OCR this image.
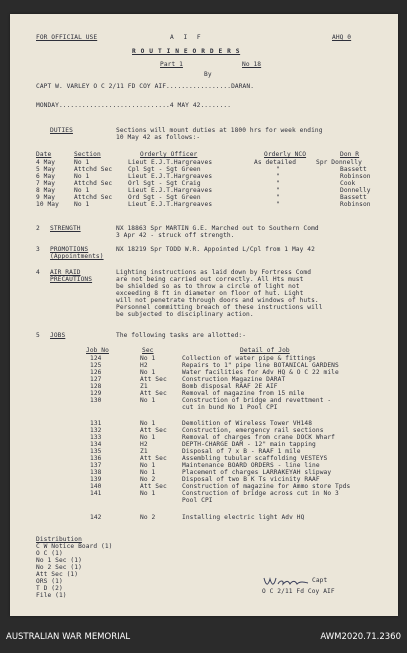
FOR OFFICIAL USE	A I F	AHQ 0
R O U T I N E O R D E R S
Part 1	No 18
By
CAPT W. VARLEY O C 2/11 FD COY AIF.................DARAN.
MONDAY.............................4 MAY 42........
DUTIES	Sections will mount duties at 1800 hrs for week ending
10 May 42 as follows:-
Date	Section	Orderly Officer	Orderly NCO	Don R
4 May	No 1	Lieut E.J.T.Hargreaves	As detailed	Spr Donnelly
5 May	Attchd Sec	Cpl Sgt - Sgt Green	"	Bassett
6 May	No 1	Lieut E.J.T.Hargreaves	"	Robinson
7 May	Attchd Sec	Orl Sgt - Sgt Craig	"	Cook
8 May	No 1	Lieut E.J.T.Hargreaves	"	Donnelly
9 May	Attchd Sec	Ord Sgt - Sgt Green	"	Bassett
10 May No 1	Lieut E.J.T.Hargreaves	"	Robinson
2 STRENGTH	NX 18863 Spr MARTIN G.E. Marched out to Southern Comd
3 Apr 42 - struck off strength.
3 PROMOTIONS
(Appointments)
NX 18219 Spr TODD W.R. Appointed L/Cpl from 1 May 42
4 AIR RAID
PRECAUTIONS
Lighting instructions as laid down by Fortress Comd
are not being carried out correctly. All Hts must
be shielded so as to throw a circle of light not
exceeding 8 ft in diameter on floor of hut. Light
will not penetrate through doors and windows of huts.
Personnel committing breach of these instructions will
be subjected to disciplinary action.
5 JOBS	The following tasks are allotted:-
Job No	Sec	Detail of Job
124	No 1	Collection of water pipe & fittings
125	H2	Repairs to 1" pipe line BOTANICAL GARDENS
126	No 1	Water facilities for Adv HQ & O C 22 mile
127	Att Sec Construction Magazine DARAT
128	Z1	Bomb disposal RAAF 2E AIF
129	Att Sec Removal of magazine from 15 mile
130	No 1	Construction of bridge and revettment -
cut in bund No 1 Pool CPI
131	No 1	Demolition of Wireless Tower VH148
132	Att Sec Construction, emergency rail sections
133	No 1	Removal of charges from crane DOCK Wharf
134	H2	DEPTH-CHARGE DAM - 12" main tapping
135	Z1	Disposal of 7 x B - RAAF 1 mile
136	Att Sec Assembling tubular scaffolding VESTEYS
137	No 1	Maintenance BOARD ORDERS - line line
138	No 1	Placement of charges LARRAKEYAH slipway
139	No 2	Disposal of two B K Ts vicinity RAAF
140	Att Sec Construction of magazine for Ammo store Tpds
141	No 1	Construction of bridge across cut in No 3
Pool CPI
142	No 2	Installing electric light Adv HQ
Distribution
C W Notice Board (1)
O C (1)
No 1 Sec (1)
No 2 Sec (1)
Att Sec (1)
ORS (1)
T D (2)
File (1)
Capt
O C 2/11 Fd Coy AIF
AUSTRALIAN WAR MEMORIAL	AWM2020.71.2360
